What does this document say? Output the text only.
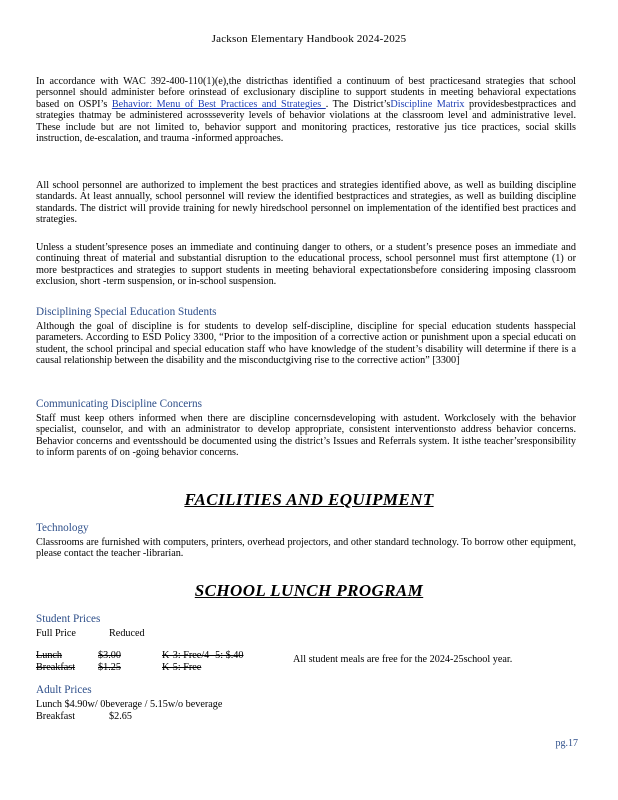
Jackson Elementary Handbook 2024-2025

In accordance with WAC 392-400-110(1)(e),the districthas identified a continuum of best practicesand strategies that school personnel should administer before orinstead of exclusionary discipline to support students in meeting behavioral expectations based on OSPI’s Behavior: Menu of Best Practices and Strategies . The District’sDiscipline Matrix providesbestpractices and strategies thatmay be administered acrossseverity levels of behavior violations at the classroom level and administrative level. These include but are not limited to, behavior support and monitoring practices, restorative jus tice practices, social skills instruction, de-escalation, and trauma -informed approaches.

All school personnel are authorized to implement the best practices and strategies identified above, as well as building discipline standards. At least annually, school personnel will review the identified bestpractices and strategies, as well as building discipline standards. The district will provide training for newly hiredschool personnel on implementation of the identified best practices and strategies.

Unless a student’spresence poses an immediate and continuing danger to others, or a student’s presence poses an immediate and continuing threat of material and substantial disruption to the educational process, school personnel must first attemptone (1) or more bestpractices and strategies to support students in meeting behavioral expectationsbefore considering imposing classroom exclusion, short -term suspension, or in-school suspension.

Disciplining Special Education Students

Although the goal of discipline is for students to develop self-discipline, discipline for special education students hasspecial parameters. According to ESD Policy 3300, “Prior to the imposition of a corrective action or punishment upon a special educati on student, the school principal and special education staff who have knowledge of the student’s disability will determine if there is a causal relationship between the disability and the misconductgiving rise to the corrective action” [3300]

Communicating Discipline Concerns

Staff must keep others informed when there are discipline concernsdeveloping with astudent. Workclosely with the behavior specialist, counselor, and with an administrator to develop appropriate, consistent interventionsto address behavior concerns. Behavior concerns and eventsshould be documented using the district’s Issues and Referrals system. It isthe teacher’sresponsibility to inform parents of on -going behavior concerns.

FACILITIES AND EQUIPMENT

Technology

Classrooms are furnished with computers, printers, overhead projectors, and other standard technology. To borrow other equipment, please contact the teacher -librarian.

SCHOOL LUNCH PROGRAM

Student Prices

Full Price	Reduced
Lunch	$3.00	K-3: Free/4 -5: $.40
Breakfast $1.25	K-5: Free
All student meals are free for the 2024-25school year.

Adult Prices

Lunch $4.90w/ 0beverage / 5.15w/o beverage
Breakfast	$2.65
pg.17
